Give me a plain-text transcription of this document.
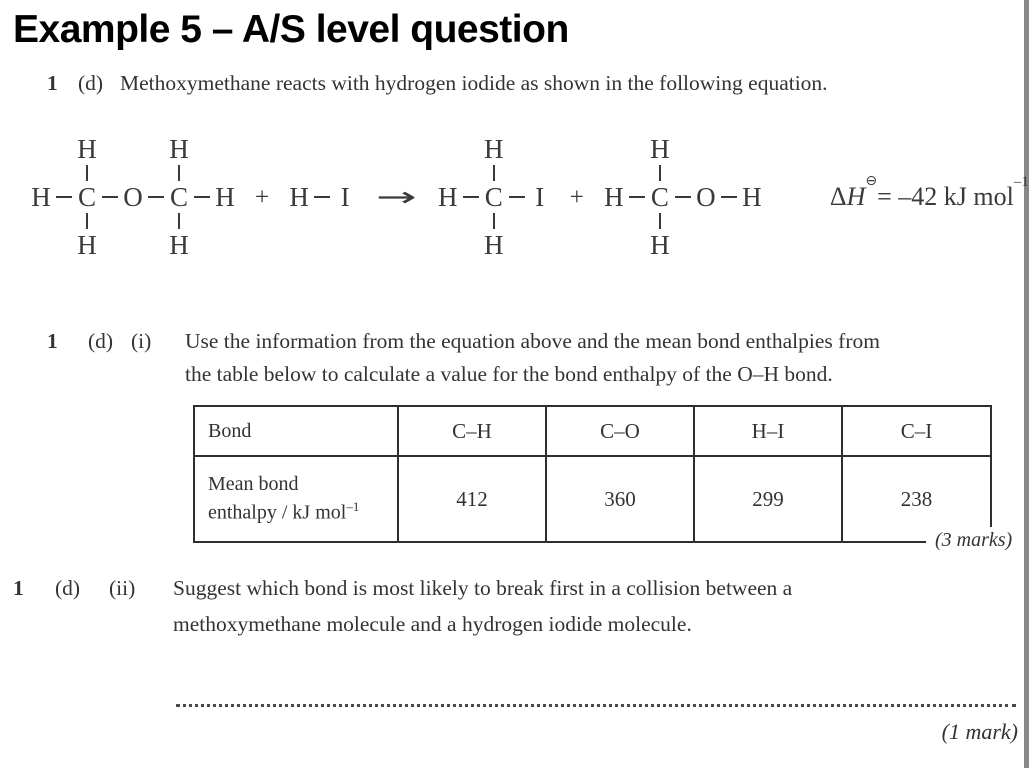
Example 5 – A/S level question
1 (d) Methoxymethane reacts with hydrogen iodide as shown in the following equation.
H	H
H C O C H
H	H
+ H I →
H
H C I
H
+
H
H C O H
H
ΔH⊖= –42 kJ mol$^{-1}$
1 (d) (i) Use the information from the equation above and the mean bond enthalpies from
the table below to calculate a value for the bond enthalpy of the O–H bond.
Bond	C–H	C–O	H–I	C–I
Mean bond
enthalpy / kJ mol$^{-1}$	412	360	299	238
(3 marks)
1 (d) (ii) Suggest which bond is most likely to break first in a collision between a
methoxymethane molecule and a hydrogen iodide molecule.
(1 mark)
